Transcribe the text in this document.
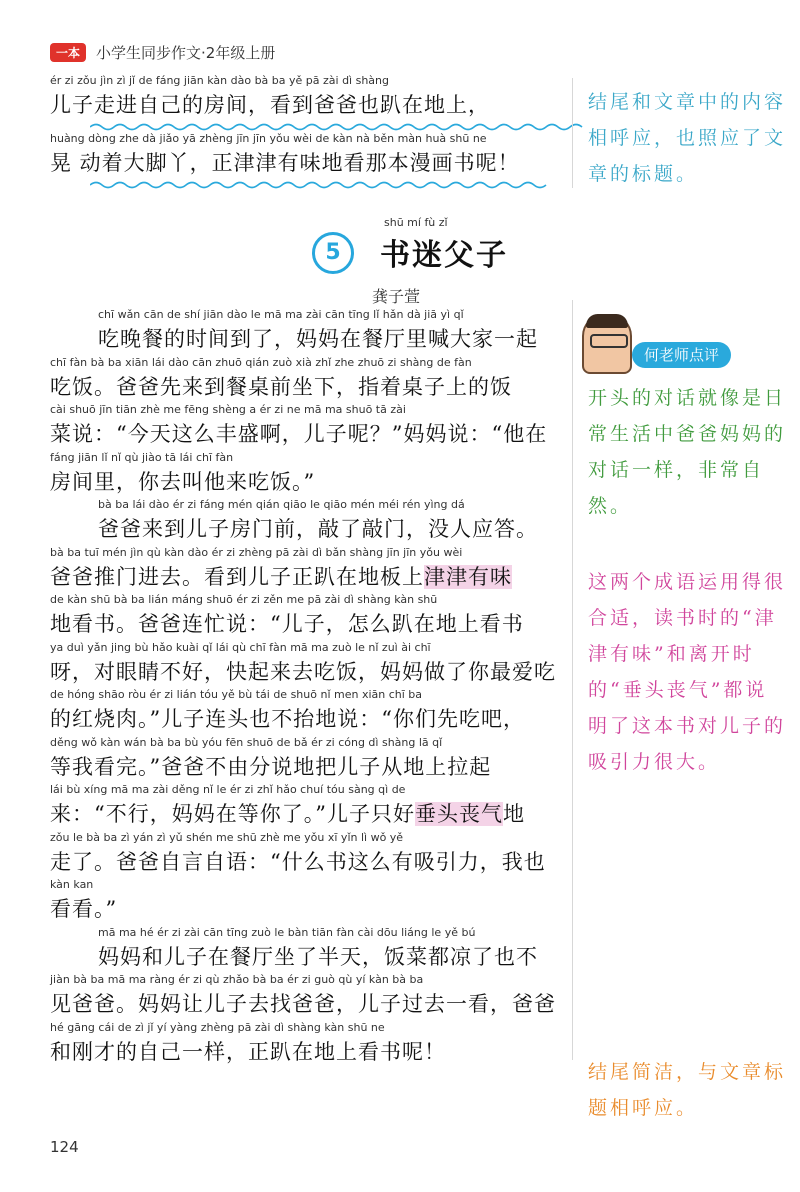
一本	小学生同步作文·2年级上册
ér zi zǒu jìn zì jǐ de fáng jiān kàn dào bà ba yě pā zài dì shàng
儿子走进自己的房间，看到爸爸也趴在地上，
huàng dòng zhe dà jiǎo yā zhèng jīn jīn yǒu wèi de kàn nà běn màn huà shū ne
晃 动着大脚丫，正津津有味地看那本漫画书呢！
shū mí fù zǐ
5	书迷父子
龚子萱
chī wǎn cān de shí jiān dào le mā ma zài cān tīng lǐ hǎn dà jiā yì qǐ
吃晚餐的时间到了，妈妈在餐厅里喊大家一起
chī fàn bà ba xiān lái dào cān zhuō qián zuò xià zhǐ zhe zhuō zi shàng de fàn
吃饭。爸爸先来到餐桌前坐下，指着桌子上的饭
cài shuō jīn tiān zhè me fēng shèng a ér zi ne mā ma shuō tā zài
菜说：“今天这么丰盛啊，儿子呢？”妈妈说：“他在
fáng jiān lǐ nǐ qù jiào tā lái chī fàn
房间里，你去叫他来吃饭。”
bà ba lái dào ér zi fáng mén qián qiāo le qiāo mén méi rén yìng dá
爸爸来到儿子房门前，敲了敲门，没人应答。
bà ba tuī mén jìn qù kàn dào ér zi zhèng pā zài dì bǎn shàng jīn jīn yǒu wèi
爸爸推门进去。看到儿子正趴在地板上津津有味
de kàn shū bà ba lián máng shuō ér zi zěn me pā zài dì shàng kàn shū
地看书。爸爸连忙说：“儿子，怎么趴在地上看书
ya duì yǎn jing bù hǎo kuài qǐ lái qù chī fàn mā ma zuò le nǐ zuì ài chī
呀，对眼睛不好，快起来去吃饭，妈妈做了你最爱吃
de hóng shāo ròu ér zi lián tóu yě bù tái de shuō nǐ men xiān chī ba
的红烧肉。”儿子连头也不抬地说：“你们先吃吧，
děng wǒ kàn wán bà ba bù yóu fēn shuō de bǎ ér zi cóng dì shàng lā qǐ
等我看完。”爸爸不由分说地把儿子从地上拉起
lái bù xíng mā ma zài děng nǐ le ér zi zhǐ hǎo chuí tóu sàng qì de
来：“不行，妈妈在等你了。”儿子只好垂头丧气地
zǒu le bà ba zì yán zì yǔ shén me shū zhè me yǒu xī yǐn lì wǒ yě
走了。爸爸自言自语：“什么书这么有吸引力，我也
kàn kan
看看。”
mā ma hé ér zi zài cān tīng zuò le bàn tiān fàn cài dōu liáng le yě bú
妈妈和儿子在餐厅坐了半天，饭菜都凉了也不
jiàn bà ba mā ma ràng ér zi qù zhǎo bà ba ér zi guò qù yí kàn bà ba
见爸爸。妈妈让儿子去找爸爸，儿子过去一看，爸爸
hé gāng cái de zì jǐ yí yàng zhèng pā zài dì shàng kàn shū ne
和刚才的自己一样，正趴在地上看书呢！
结尾和文章中的内容相呼应，也照应了文章的标题。
何老师点评
开头的对话就像是日常生活中爸爸妈妈的对话一样，非常自然。
这两个成语运用得很合适，读书时的“津津有味”和离开时的“垂头丧气”都说明了这本书对儿子的吸引力很大。
结尾简洁，与文章标题相呼应。
124
